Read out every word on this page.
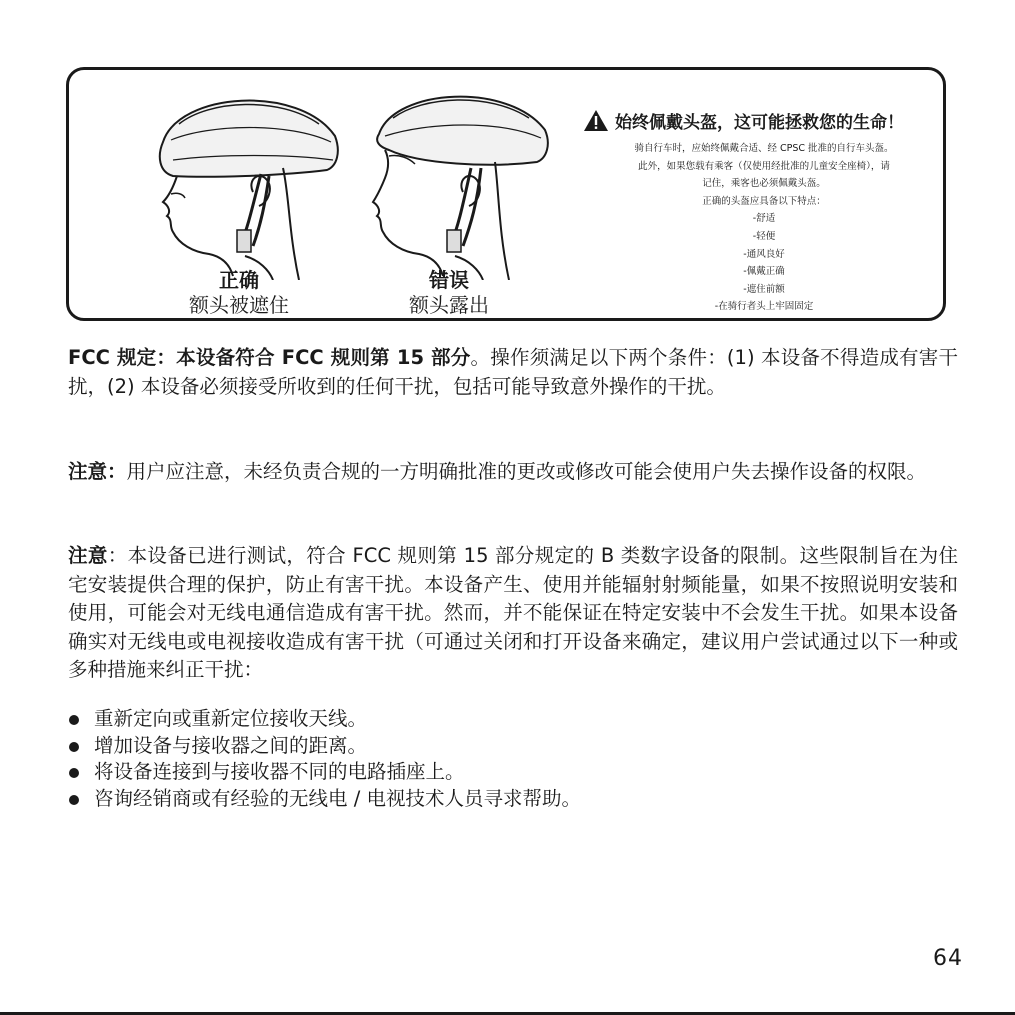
正确
额头被遮住
错误
额头露出
始终佩戴头盔，这可能拯救您的生命！
骑自行车时，应始终佩戴合适、经 CPSC 批准的自行车头盔。
此外，如果您载有乘客（仅使用经批准的儿童安全座椅），请
记住，乘客也必须佩戴头盔。
正确的头盔应具备以下特点：
-舒适
-轻便
-通风良好
-佩戴正确
-遮住前额
-在骑行者头上牢固固定

FCC 规定：本设备符合 FCC 规则第 15 部分。操作须满足以下两个条件：(1) 本设备不得造成有害干扰，(2) 本设备必须接受所收到的任何干扰，包括可能导致意外操作的干扰。

注意：用户应注意，未经负责合规的一方明确批准的更改或修改可能会使用户失去操作设备的权限。

注意：本设备已进行测试，符合 FCC 规则第 15 部分规定的 B 类数字设备的限制。这些限制旨在为住宅安装提供合理的保护，防止有害干扰。本设备产生、使用并能辐射射频能量，如果不按照说明安装和使用，可能会对无线电通信造成有害干扰。然而，并不能保证在特定安装中不会发生干扰。如果本设备确实对无线电或电视接收造成有害干扰（可通过关闭和打开设备来确定，建议用户尝试通过以下一种或多种措施来纠正干扰：

重新定向或重新定位接收天线。
增加设备与接收器之间的距离。
将设备连接到与接收器不同的电路插座上。
咨询经销商或有经验的无线电 / 电视技术人员寻求帮助。
64
